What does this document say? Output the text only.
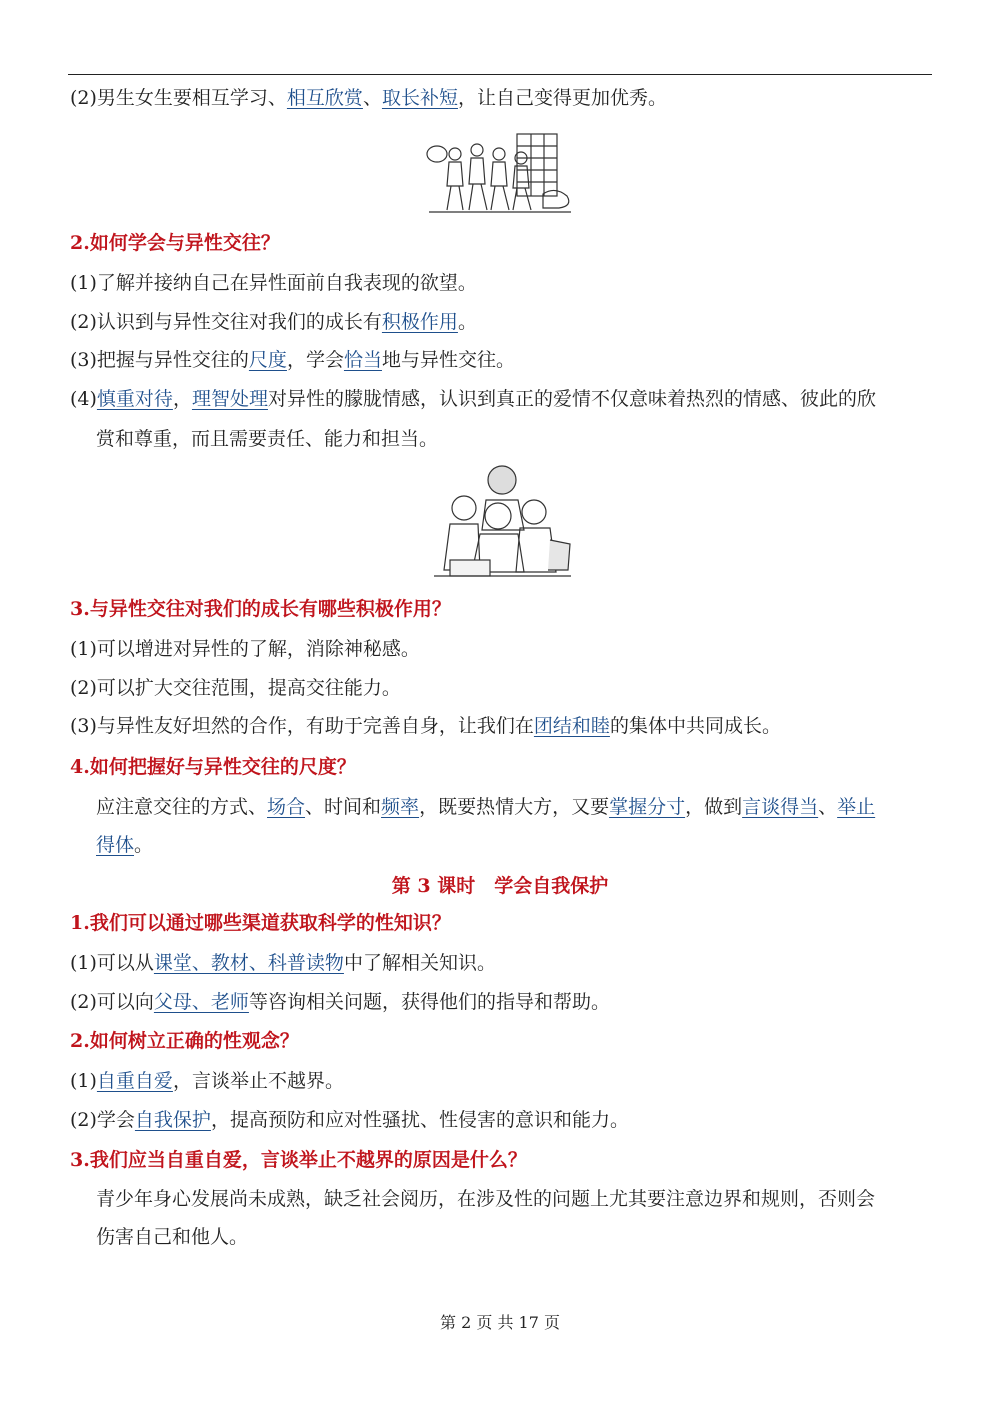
(2)男生女生要相互学习、相互欣赏、取长补短，让自己变得更加优秀。
2.如何学会与异性交往？
(1)了解并接纳自己在异性面前自我表现的欲望。
(2)认识到与异性交往对我们的成长有积极作用。
(3)把握与异性交往的尺度，学会恰当地与异性交往。
(4)慎重对待，理智处理对异性的朦胧情感，认识到真正的爱情不仅意味着热烈的情感、彼此的欣
赏和尊重，而且需要责任、能力和担当。
3.与异性交往对我们的成长有哪些积极作用？
(1)可以增进对异性的了解，消除神秘感。
(2)可以扩大交往范围，提高交往能力。
(3)与异性友好坦然的合作，有助于完善自身，让我们在团结和睦的集体中共同成长。
4.如何把握好与异性交往的尺度？
应注意交往的方式、场合、时间和频率，既要热情大方，又要掌握分寸，做到言谈得当、举止
得体。
第 3 课时　学会自我保护
1.我们可以通过哪些渠道获取科学的性知识？
(1)可以从课堂、教材、科普读物中了解相关知识。
(2)可以向父母、老师等咨询相关问题，获得他们的指导和帮助。
2.如何树立正确的性观念？
(1)自重自爱，言谈举止不越界。
(2)学会自我保护，提高预防和应对性骚扰、性侵害的意识和能力。
3.我们应当自重自爱，言谈举止不越界的原因是什么？
青少年身心发展尚未成熟，缺乏社会阅历，在涉及性的问题上尤其要注意边界和规则，否则会
伤害自己和他人。
第 2 页 共 17 页
